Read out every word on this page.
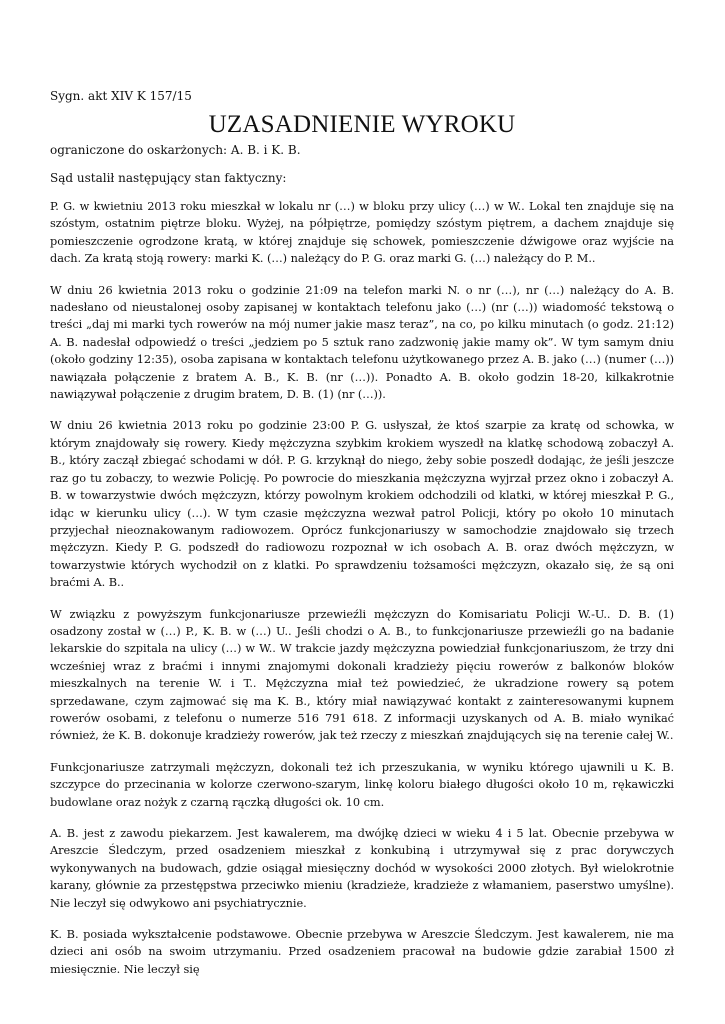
Sygn. akt XIV K 157/15

UZASADNIENIE WYROKU

ograniczone do oskarżonych: A. B. i K. B.

Sąd ustalił następujący stan faktyczny:

P. G. w kwietniu 2013 roku mieszkał w lokalu nr (…) w bloku przy ulicy (…) w W.. Lokal ten znajduje się na szóstym, ostatnim piętrze bloku. Wyżej, na półpiętrze, pomiędzy szóstym piętrem, a dachem znajduje się pomieszczenie ogrodzone kratą, w której znajduje się schowek, pomieszczenie dźwigowe oraz wyjście na dach. Za kratą stoją rowery: marki K. (…) należący do P. G. oraz marki G. (…) należący do P. M..

W dniu 26 kwietnia 2013 roku o godzinie 21:09 na telefon marki N. o nr (…), nr (…) należący do A. B. nadesłano od nieustalonej osoby zapisanej w kontaktach telefonu jako (…) (nr (…)) wiadomość tekstową o treści „daj mi marki tych rowerów na mój numer jakie masz teraz”, na co, po kilku minutach (o godz. 21:12) A. B. nadesłał odpowiedź o treści „jedziem po 5 sztuk rano zadzwonię jakie mamy ok”. W tym samym dniu (około godziny 12:35), osoba zapisana w kontaktach telefonu użytkowanego przez A. B. jako (…) (numer (…)) nawiązała połączenie z bratem A. B., K. B. (nr (…)). Ponadto A. B. około godzin 18-20, kilkakrotnie nawiązywał połączenie z drugim bratem, D. B. (1) (nr (…)).

W dniu 26 kwietnia 2013 roku po godzinie 23:00 P. G. usłyszał, że ktoś szarpie za kratę od schowka, w którym znajdowały się rowery. Kiedy mężczyzna szybkim krokiem wyszedł na klatkę schodową zobaczył A. B., który zaczął zbiegać schodami w dół. P. G. krzyknął do niego, żeby sobie poszedł dodając, że jeśli jeszcze raz go tu zobaczy, to wezwie Policję. Po powrocie do mieszkania mężczyzna wyjrzał przez okno i zobaczył A. B. w towarzystwie dwóch mężczyzn, którzy powolnym krokiem odchodzili od klatki, w której mieszkał P. G., idąc w kierunku ulicy (…). W tym czasie mężczyzna wezwał patrol Policji, który po około 10 minutach przyjechał nieoznakowanym radiowozem. Oprócz funkcjonariuszy w samochodzie znajdowało się trzech mężczyzn. Kiedy P. G. podszedł do radiowozu rozpoznał w ich osobach A. B. oraz dwóch mężczyzn, w towarzystwie których wychodził on z klatki. Po sprawdzeniu tożsamości mężczyzn, okazało się, że są oni braćmi A. B..

W związku z powyższym funkcjonariusze przewieźli mężczyzn do Komisariatu Policji W.-U.. D. B. (1) osadzony został w (…) P., K. B. w (…) U.. Jeśli chodzi o A. B., to funkcjonariusze przewieźli go na badanie lekarskie do szpitala na ulicy (…) w W.. W trakcie jazdy mężczyzna powiedział funkcjonariuszom, że trzy dni wcześniej wraz z braćmi i innymi znajomymi dokonali kradzieży pięciu rowerów z balkonów bloków mieszkalnych na terenie W. i T.. Mężczyzna miał też powiedzieć, że ukradzione rowery są potem sprzedawane, czym zajmować się ma K. B., który miał nawiązywać kontakt z zainteresowanymi kupnem rowerów osobami, z telefonu o numerze 516 791 618. Z informacji uzyskanych od A. B. miało wynikać również, że K. B. dokonuje kradzieży rowerów, jak też rzeczy z mieszkań znajdujących się na terenie całej W..

Funkcjonariusze zatrzymali mężczyzn, dokonali też ich przeszukania, w wyniku którego ujawnili u K. B. szczypce do przecinania w kolorze czerwono-szarym, linkę koloru białego długości około 10 m, rękawiczki budowlane oraz nożyk z czarną rączką długości ok. 10 cm.

A. B. jest z zawodu piekarzem. Jest kawalerem, ma dwójkę dzieci w wieku 4 i 5 lat. Obecnie przebywa w Areszcie Śledczym, przed osadzeniem mieszkał z konkubiną i utrzymywał się z prac dorywczych wykonywanych na budowach, gdzie osiągał miesięczny dochód w wysokości 2000 złotych. Był wielokrotnie karany, głównie za przestępstwa przeciwko mieniu (kradzieże, kradzieże z włamaniem, paserstwo umyślne). Nie leczył się odwykowo ani psychiatrycznie.

K. B. posiada wykształcenie podstawowe. Obecnie przebywa w Areszcie Śledczym. Jest kawalerem, nie ma dzieci ani osób na swoim utrzymaniu. Przed osadzeniem pracował na budowie gdzie zarabiał 1500 zł miesięcznie. Nie leczył się
